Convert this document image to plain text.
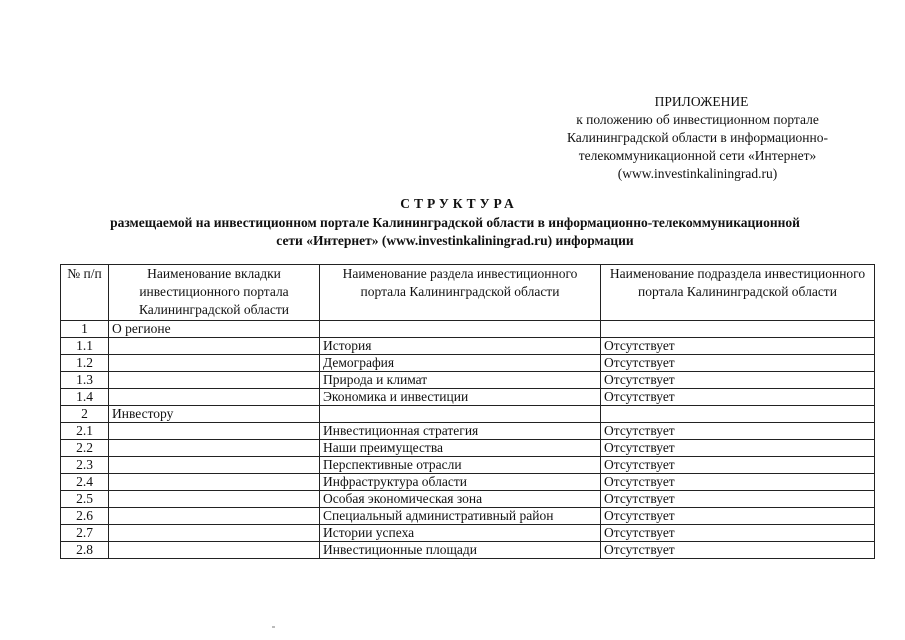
ПРИЛОЖЕНИЕ
к положению об инвестиционном портале
Калининградской области в информационно-
телекоммуникационной сети «Интернет»
(www.investinkaliningrad.ru)
СТРУКТУРА
размещаемой на инвестиционном портале Калининградской области в информационно-телекоммуникационной
сети «Интернет» (www.investinkaliningrad.ru) информации
№ п/п	Наименование вкладки инвестиционного портала Калининградской области	Наименование раздела инвестиционного портала Калининградской области	Наименование подраздела инвестиционного портала Калининградской области
1	О регионе		
1.1		История	Отсутствует
1.2		Демография	Отсутствует
1.3		Природа и климат	Отсутствует
1.4		Экономика и инвестиции	Отсутствует
2	Инвестору		
2.1		Инвестиционная стратегия	Отсутствует
2.2		Наши преимущества	Отсутствует
2.3		Перспективные отрасли	Отсутствует
2.4		Инфраструктура области	Отсутствует
2.5		Особая экономическая зона	Отсутствует
2.6		Специальный административный район	Отсутствует
2.7		Истории успеха	Отсутствует
2.8		Инвестиционные площади	Отсутствует
